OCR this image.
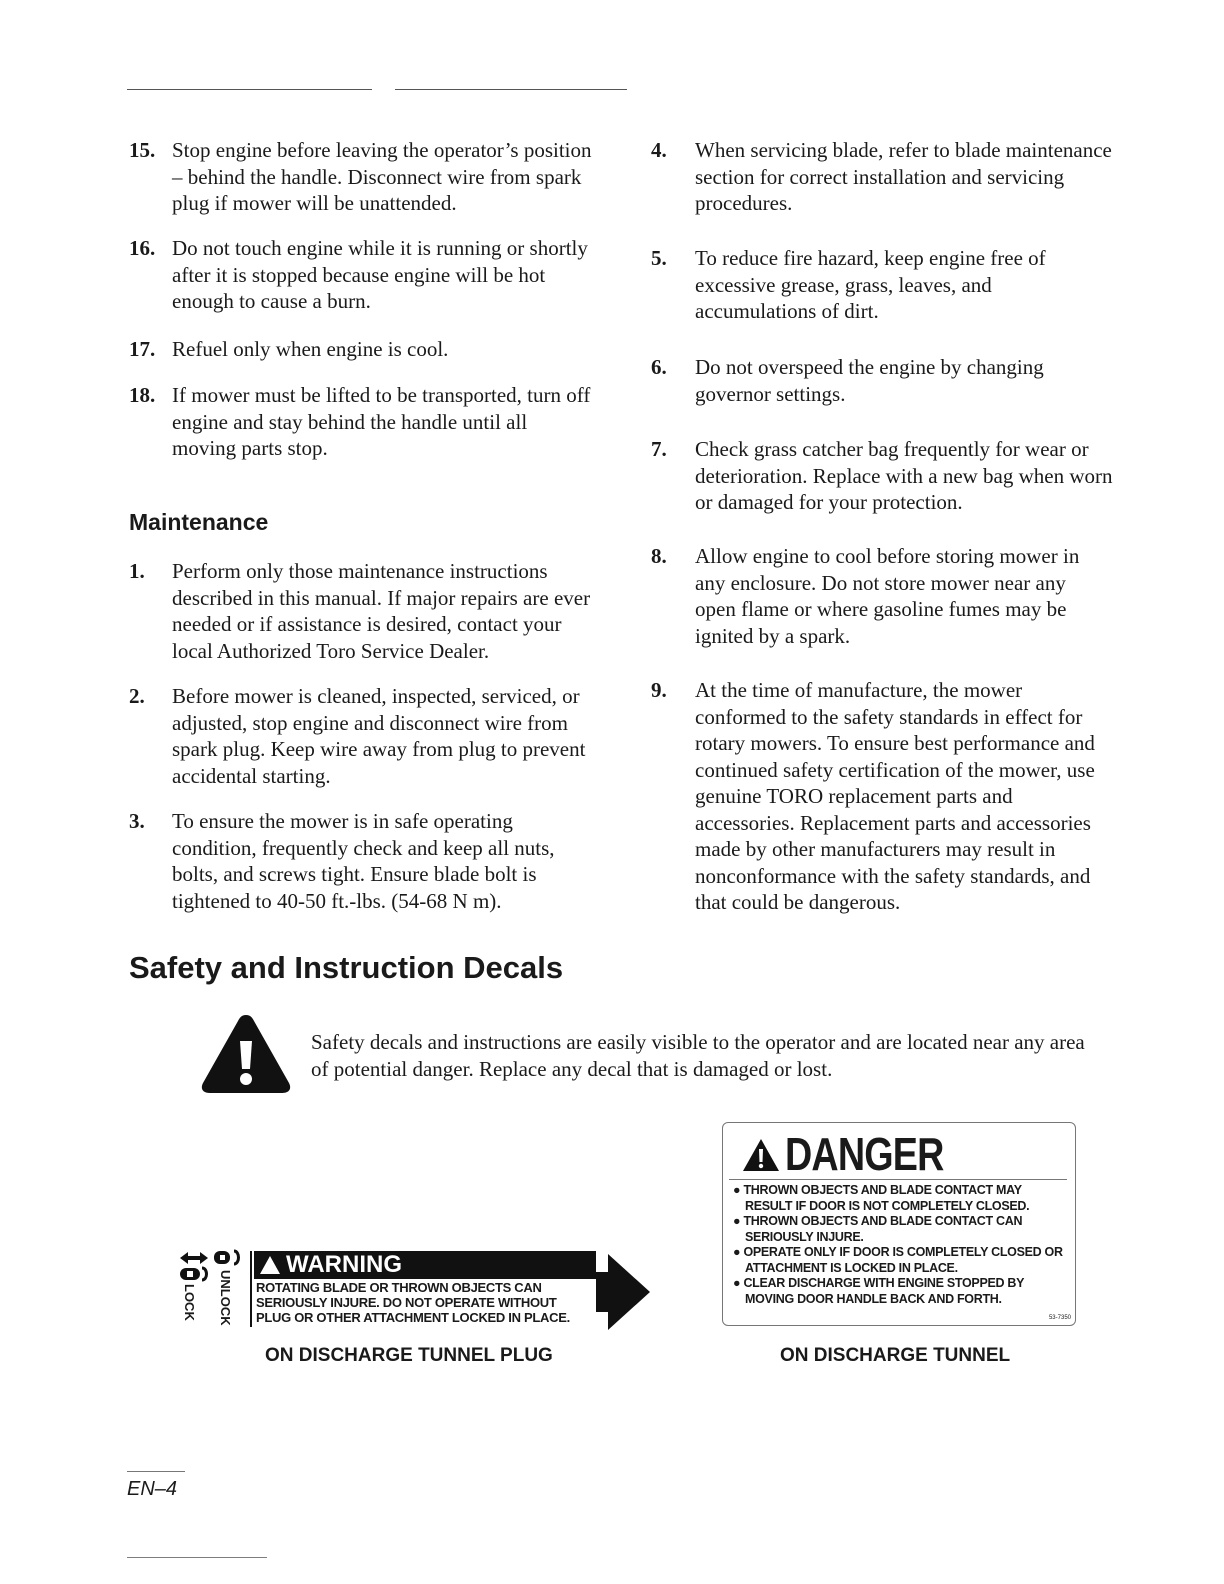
15. Stop engine before leaving the operator’s position – behind the handle. Disconnect wire from spark plug if mower will be unattended.
16. Do not touch engine while it is running or shortly after it is stopped because engine will be hot enough to cause a burn.
17. Refuel only when engine is cool.
18. If mower must be lifted to be transported, turn off engine and stay behind the handle until all moving parts stop.
Maintenance
1. Perform only those maintenance instructions described in this manual. If major repairs are ever needed or if assistance is desired, contact your local Authorized Toro Service Dealer.
2. Before mower is cleaned, inspected, serviced, or adjusted, stop engine and disconnect wire from spark plug. Keep wire away from plug to prevent accidental starting.
3. To ensure the mower is in safe operating condition, frequently check and keep all nuts, bolts, and screws tight. Ensure blade bolt is tightened to 40-50 ft.-lbs. (54-68 N m).
4. When servicing blade, refer to blade maintenance section for correct installation and servicing procedures.
5. To reduce fire hazard, keep engine free of excessive grease, grass, leaves, and accumulations of dirt.
6. Do not overspeed the engine by changing governor settings.
7. Check grass catcher bag frequently for wear or deterioration. Replace with a new bag when worn or damaged for your protection.
8. Allow engine to cool before storing mower in any enclosure. Do not store mower near any open flame or where gasoline fumes may be ignited by a spark.
9. At the time of manufacture, the mower conformed to the safety standards in effect for rotary mowers. To ensure best performance and continued safety certification of the mower, use genuine TORO replacement parts and accessories. Replacement parts and accessories made by other manufacturers may result in nonconformance with the safety standards, and that could be dangerous.
Safety and Instruction Decals
Safety decals and instructions are easily visible to the operator and are located near any area of potential danger. Replace any decal that is damaged or lost.
LOCK UNLOCK
WARNING
ROTATING BLADE OR THROWN OBJECTS CAN
SERIOUSLY INJURE. DO NOT OPERATE WITHOUT
PLUG OR OTHER ATTACHMENT LOCKED IN PLACE.
UP
ON DISCHARGE TUNNEL PLUG
DANGER
● THROWN OBJECTS AND BLADE CONTACT MAY RESULT IF DOOR IS NOT COMPLETELY CLOSED.
● THROWN OBJECTS AND BLADE CONTACT CAN SERIOUSLY INJURE.
● OPERATE ONLY IF DOOR IS COMPLETELY CLOSED OR ATTACHMENT IS LOCKED IN PLACE.
● CLEAR DISCHARGE WITH ENGINE STOPPED BY MOVING DOOR HANDLE BACK AND FORTH.
53-7350
ON DISCHARGE TUNNEL
EN–4
